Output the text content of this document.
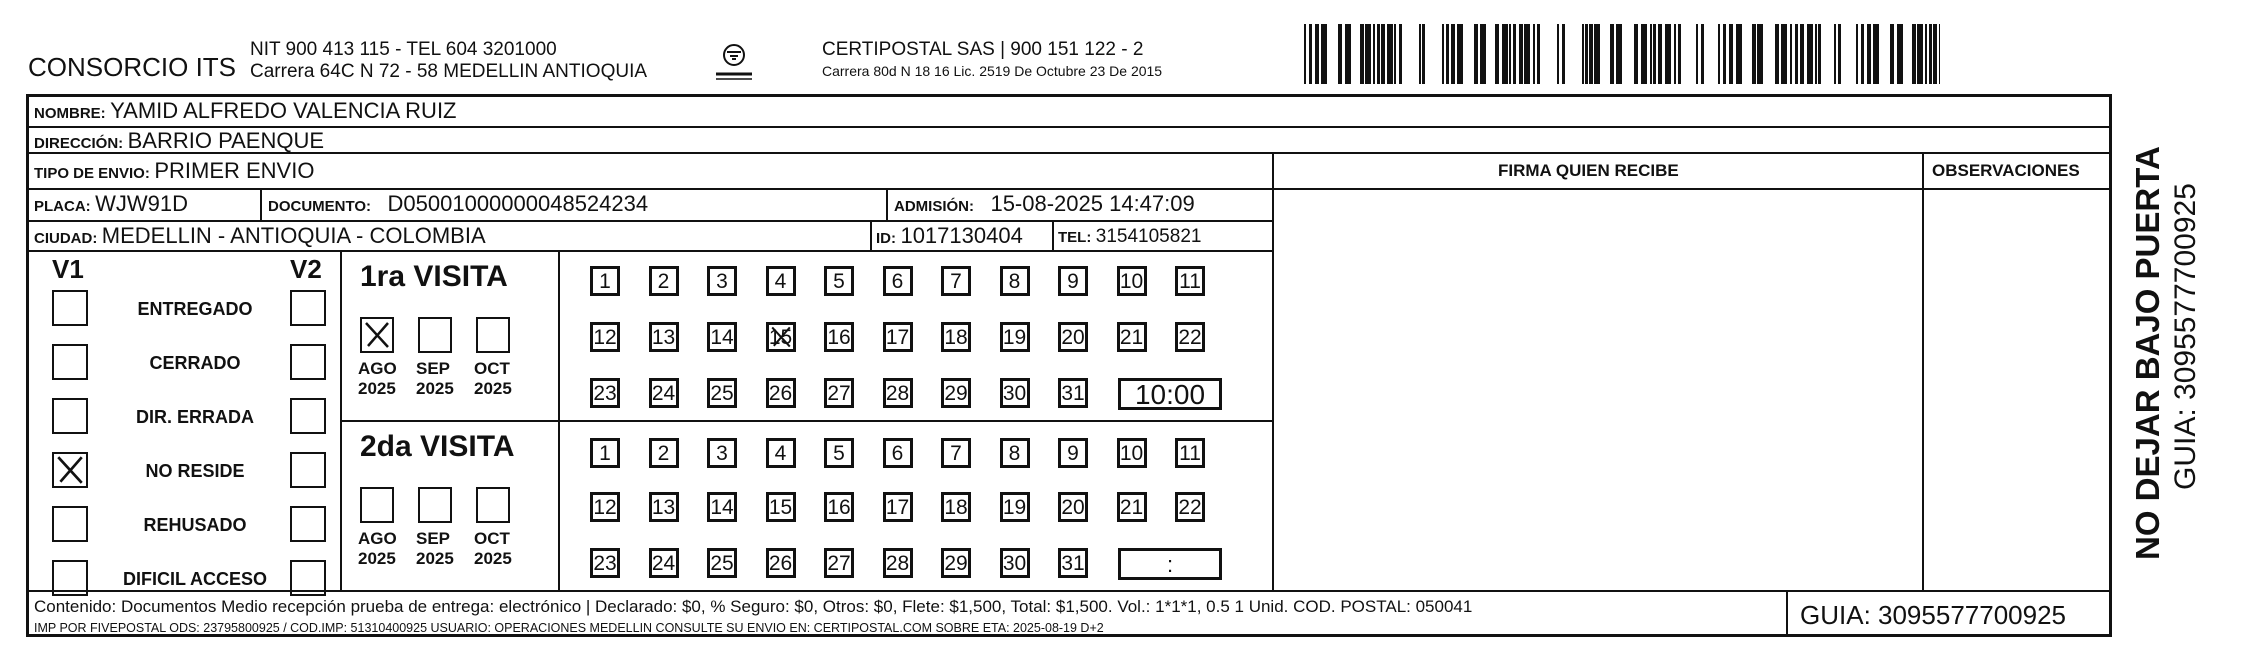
CONSORCIO ITS
NIT 900 413 115 - TEL 604 3201000
Carrera 64C N 72 - 58 MEDELLIN ANTIOQUIA
CERTIPOSTAL SAS | 900 151 122 - 2
Carrera 80d N 18 16 Lic. 2519 De Octubre 23 De 2015
NOMBRE: YAMID ALFREDO VALENCIA RUIZ
DIRECCIÓN: BARRIO PAENQUE
TIPO DE ENVIO: PRIMER ENVIO	FIRMA QUIEN RECIBE	OBSERVACIONES
PLACA: WJW91D	DOCUMENTO: D05001000000048524234	ADMISIÓN: 15-08-2025 14:47:09
CIUDAD: MEDELLIN - ANTIOQUIA - COLOMBIA	ID: 1017130404 TEL: 3154105821
V1	V2
ENTREGADO
CERRADO
DIR. ERRADA
NO RESIDE
REHUSADO
DIFICIL ACCESO
1ra VISITA
AGO
2025
SEP
2025
OCT
2025
1	2	3	4	5	6	7	8	9	10 11
12 13 14 15 16 17 18 19 20 21 22
23 24 25 26 27 28 29 30 31	10:00
2da VISITA
AGO
2025
SEP
2025
OCT
2025
1	2	3	4	5	6	7	8	9	10 11
12 13 14 15 16 17 18 19 20 21 22
23 24 25 26 27 28 29 30 31	:
Contenido: Documentos Medio recepción prueba de entrega: electrónico | Declarado: $0, % Seguro: $0, Otros: $0, Flete: $1,500, Total: $1,500. Vol.: 1*1*1, 0.5 1 Unid. COD. POSTAL: 050041
IMP POR FIVEPOSTAL ODS: 23795800925 / COD.IMP: 51310400925 USUARIO: OPERACIONES MEDELLIN CONSULTE SU ENVIO EN: CERTIPOSTAL.COM SOBRE ETA: 2025-08-19 D+2	GUIA: 3095577700925
NO DEJAR BAJO PUERTA GUIA: 3095577700925
